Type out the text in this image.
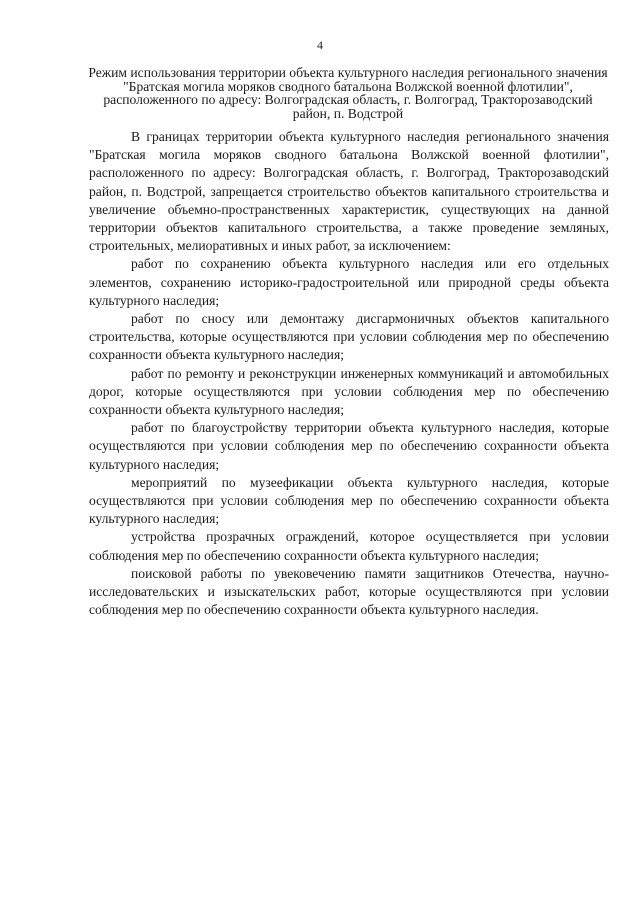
4
Режим использования территории объекта культурного наследия регионального значения "Братская могила моряков сводного батальона Волжской военной флотилии", расположенного по адресу: Волгоградская область, г. Волгоград, Тракторозаводский район, п. Водстрой

В границах территории объекта культурного наследия регионального значения "Братская могила моряков сводного батальона Волжской военной флотилии", расположенного по адресу: Волгоградская область, г. Волгоград, Тракторозаводский район, п. Водстрой, запрещается строительство объектов капитального строительства и увеличение объемно-пространственных характеристик, существующих на данной территории объектов капитального строительства, а также проведение земляных, строительных, мелиоративных и иных работ, за исключением:

работ по сохранению объекта культурного наследия или его отдельных элементов, сохранению историко-градостроительной или природной среды объекта культурного наследия;

работ по сносу или демонтажу дисгармоничных объектов капитального строительства, которые осуществляются при условии соблюдения мер по обеспечению сохранности объекта культурного наследия;

работ по ремонту и реконструкции инженерных коммуникаций и автомобильных дорог, которые осуществляются при условии соблюдения мер по обеспечению сохранности объекта культурного наследия;

работ по благоустройству территории объекта культурного наследия, которые осуществляются при условии соблюдения мер по обеспечению сохранности объекта культурного наследия;

мероприятий по музеефикации объекта культурного наследия, которые осуществляются при условии соблюдения мер по обеспечению сохранности объекта культурного наследия;

устройства прозрачных ограждений, которое осуществляется при условии соблюдения мер по обеспечению сохранности объекта культурного наследия;

поисковой работы по увековечению памяти защитников Отечества, научно-исследовательских и изыскательских работ, которые осуществляются при условии соблюдения мер по обеспечению сохранности объекта культурного наследия.
